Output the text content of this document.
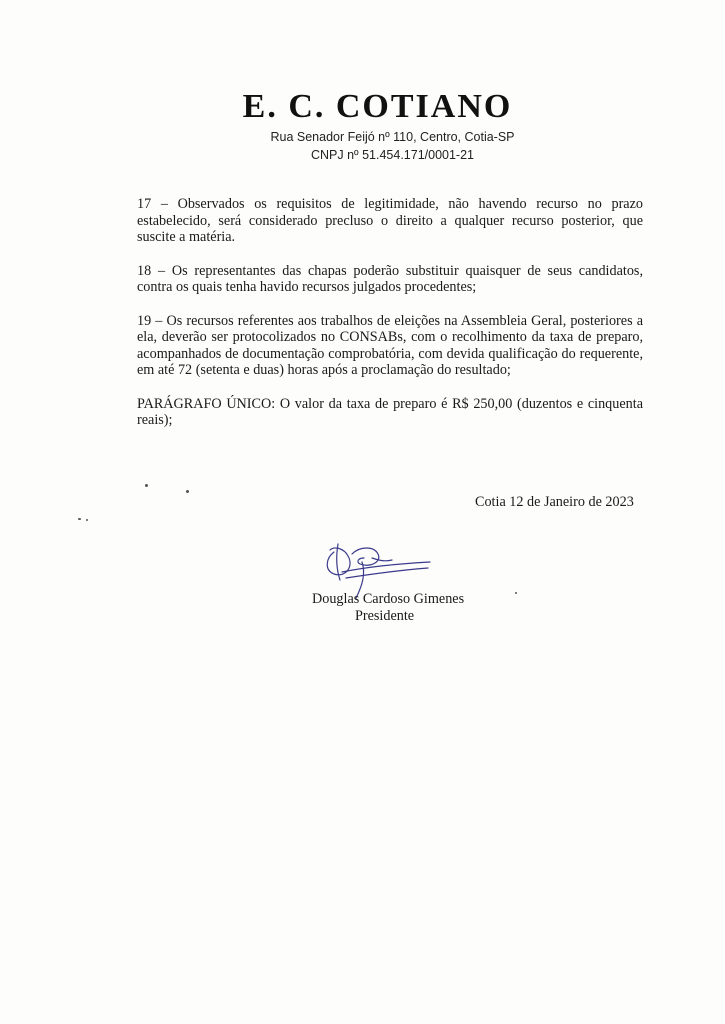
E. C. COTIANO
Rua Senador Feijó nº 110, Centro, Cotia-SP
CNPJ nº 51.454.171/0001-21

17 – Observados os requisitos de legitimidade, não havendo recurso no prazo estabelecido, será considerado precluso o direito a qualquer recurso posterior, que suscite a matéria.

18 – Os representantes das chapas poderão substituir quaisquer de seus candidatos, contra os quais tenha havido recursos julgados procedentes;

19 – Os recursos referentes aos trabalhos de eleições na Assembleia Geral, posteriores a ela, deverão ser protocolizados no CONSABs, com o recolhimento da taxa de preparo, acompanhados de documentação comprobatória, com devida qualificação do requerente, em até 72 (setenta e duas) horas após a proclamação do resultado;

PARÁGRAFO ÚNICO: O valor da taxa de preparo é R$ 250,00 (duzentos e cinquenta reais);

Cotia 12 de Janeiro de 2023
Douglas Cardoso Gimenes
Presidente
